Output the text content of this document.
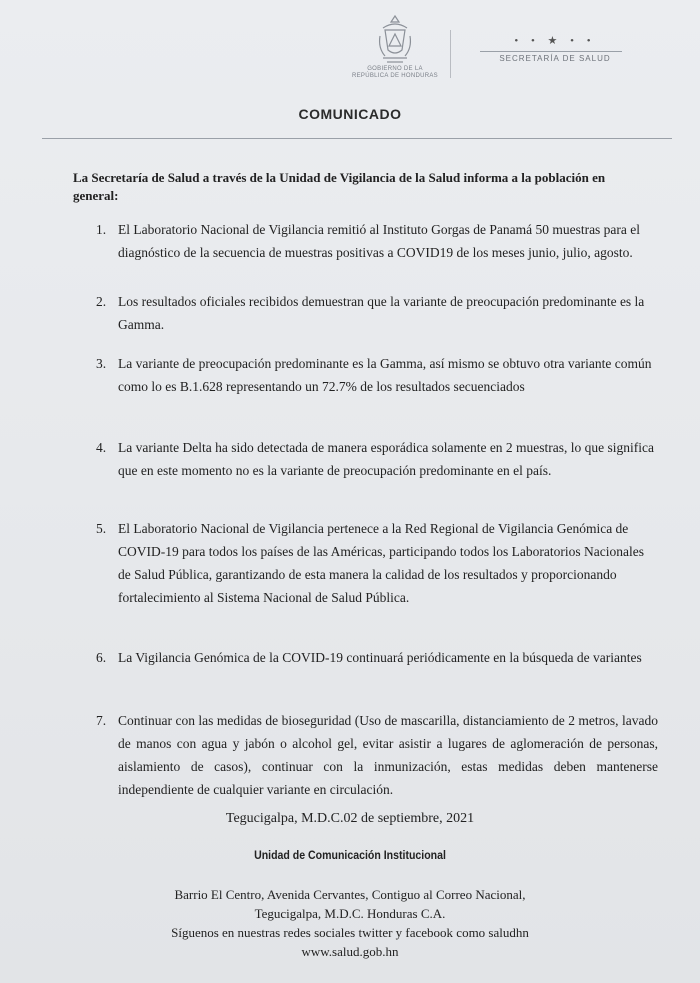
GOBIERNO DE LA
REPÚBLICA DE HONDURAS
• • ★ • •
SECRETARÍA DE SALUD
COMUNICADO
La Secretaría de Salud a través de la Unidad de Vigilancia de la Salud informa a la población en general:
1. El Laboratorio Nacional de Vigilancia remitió al Instituto Gorgas de Panamá 50 muestras para el diagnóstico de la secuencia de muestras positivas a COVID19 de los meses junio, julio, agosto.
2. Los resultados oficiales recibidos demuestran que la variante de preocupación predominante es la Gamma.
3. La variante de preocupación predominante es la Gamma, así mismo se obtuvo otra variante común como lo es B.1.628 representando un 72.7% de los resultados secuenciados
4. La variante Delta ha sido detectada de manera esporádica solamente en 2 muestras, lo que significa que en este momento no es la variante de preocupación predominante en el país.
5. El Laboratorio Nacional de Vigilancia pertenece a la Red Regional de Vigilancia Genómica de COVID-19 para todos los países de las Américas, participando todos los Laboratorios Nacionales de Salud Pública, garantizando de esta manera la calidad de los resultados y proporcionando fortalecimiento al Sistema Nacional de Salud Pública.
6. La Vigilancia Genómica de la COVID-19 continuará periódicamente en la búsqueda de variantes
7. Continuar con las medidas de bioseguridad (Uso de mascarilla, distanciamiento de 2 metros, lavado de manos con agua y jabón o alcohol gel, evitar asistir a lugares de aglomeración de personas, aislamiento de casos), continuar con la inmunización, estas medidas deben mantenerse independiente de cualquier variante en circulación.
Tegucigalpa, M.D.C.02 de septiembre, 2021
Unidad de Comunicación Institucional
Barrio El Centro, Avenida Cervantes, Contiguo al Correo Nacional,
Tegucigalpa, M.D.C. Honduras C.A.
Síguenos en nuestras redes sociales twitter y facebook como saludhn
www.salud.gob.hn
